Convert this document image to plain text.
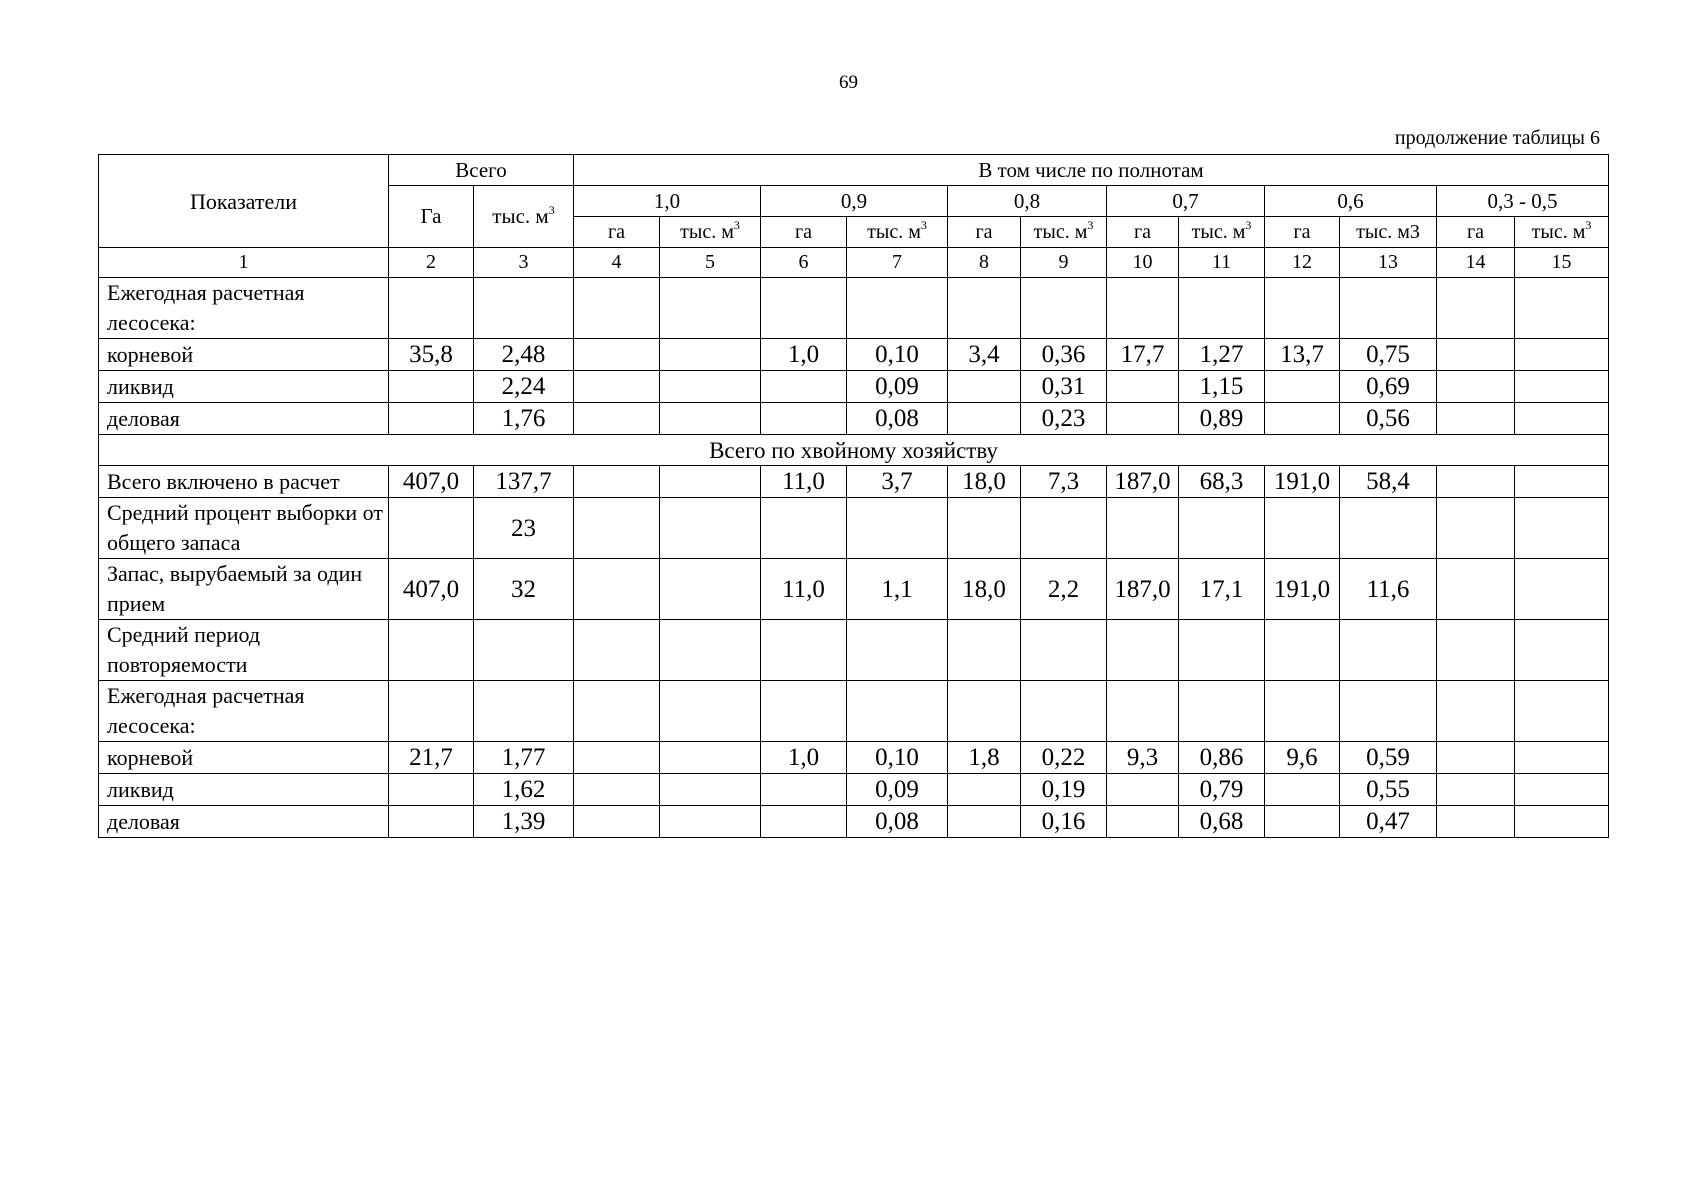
69
продолжение таблицы 6
Показатели	Всего		В том числе по полнотам											
	Га	тыс. $м^3$	1,0		0,9		0,8		0,7		0,6		0,3 - 0,5	
			га	тыс. $м^3$	га	тыс. $м^3$	га	тыс. $м^3$	га	тыс. $м^3$	га	тыс. м3	га	тыс. $м^3$
1	2	3	4	5	6	7	8	9	10	11	12	13	14	15
Ежегодная расчетная лесосека:														
корневой	35,8	2,48			1,0	0,10	3,4	0,36	17,7	1,27	13,7	0,75		
ликвид		2,24				0,09		0,31		1,15		0,69		
деловая		1,76				0,08		0,23		0,89		0,56		
Всего по хвойному хозяйству														
Всего включено в расчет	407,0	137,7			11,0	3,7	18,0	7,3	187,0	68,3	191,0	58,4		
Средний процент выборки от общего запаса		23												
Запас, вырубаемый за один прием	407,0	32			11,0	1,1	18,0	2,2	187,0	17,1	191,0	11,6		
Средний период повторяемости														
Ежегодная расчетная лесосека:														
корневой	21,7	1,77			1,0	0,10	1,8	0,22	9,3	0,86	9,6	0,59		
ликвид		1,62				0,09		0,19		0,79		0,55		
деловая		1,39				0,08		0,16		0,68		0,47		
